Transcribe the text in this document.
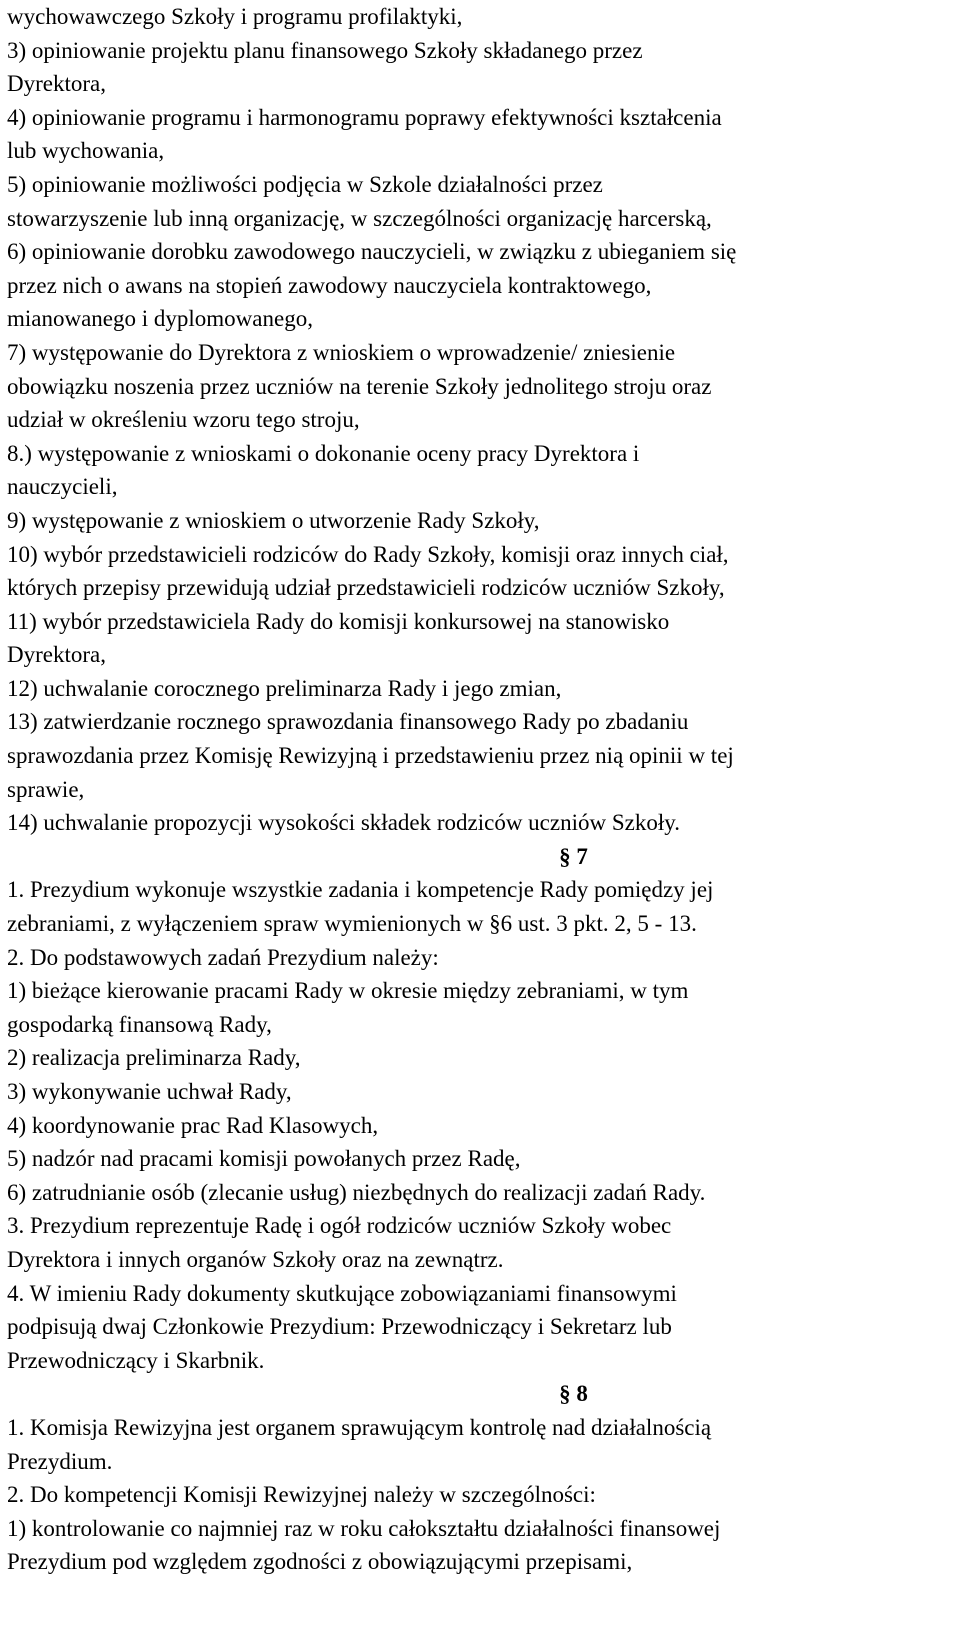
wychowawczego Szkoły i programu profilaktyki,
3) opiniowanie projektu planu finansowego Szkoły składanego przez
Dyrektora,
4) opiniowanie programu i harmonogramu poprawy efektywności kształcenia
lub wychowania,
5) opiniowanie możliwości podjęcia w Szkole działalności przez
stowarzyszenie lub inną organizację, w szczególności organizację harcerską,
6) opiniowanie dorobku zawodowego nauczycieli, w związku z ubieganiem się
przez nich o awans na stopień zawodowy nauczyciela kontraktowego,
mianowanego i dyplomowanego,
7) występowanie do Dyrektora z wnioskiem o wprowadzenie/ zniesienie
obowiązku noszenia przez uczniów na terenie Szkoły jednolitego stroju oraz
udział w określeniu wzoru tego stroju,
8.) występowanie z wnioskami o dokonanie oceny pracy Dyrektora i
nauczycieli,
9) występowanie z wnioskiem o utworzenie Rady Szkoły,
10) wybór przedstawicieli rodziców do Rady Szkoły, komisji oraz innych ciał,
których przepisy przewidują udział przedstawicieli rodziców uczniów Szkoły,
11) wybór przedstawiciela Rady do komisji konkursowej na stanowisko
Dyrektora,
12) uchwalanie corocznego preliminarza Rady i jego zmian,
13) zatwierdzanie rocznego sprawozdania finansowego Rady po zbadaniu
sprawozdania przez Komisję Rewizyjną i przedstawieniu przez nią opinii w tej
sprawie,
14) uchwalanie propozycji wysokości składek rodziców uczniów Szkoły.
§ 7
1. Prezydium wykonuje wszystkie zadania i kompetencje Rady pomiędzy jej
zebraniami, z wyłączeniem spraw wymienionych w §6 ust. 3 pkt. 2, 5 - 13.
2. Do podstawowych zadań Prezydium należy:
1) bieżące kierowanie pracami Rady w okresie między zebraniami, w tym
gospodarką finansową Rady,
2) realizacja preliminarza Rady,
3) wykonywanie uchwał Rady,
4) koordynowanie prac Rad Klasowych,
5) nadzór nad pracami komisji powołanych przez Radę,
6) zatrudnianie osób (zlecanie usług) niezbędnych do realizacji zadań Rady.
3. Prezydium reprezentuje Radę i ogół rodziców uczniów Szkoły wobec
Dyrektora i innych organów Szkoły oraz na zewnątrz.
4. W imieniu Rady dokumenty skutkujące zobowiązaniami finansowymi
podpisują dwaj Członkowie Prezydium: Przewodniczący i Sekretarz lub
Przewodniczący i Skarbnik.
§ 8
1. Komisja Rewizyjna jest organem sprawującym kontrolę nad działalnością
Prezydium.
2. Do kompetencji Komisji Rewizyjnej należy w szczególności:
1) kontrolowanie co najmniej raz w roku całokształtu działalności finansowej
Prezydium pod względem zgodności z obowiązującymi przepisami,
